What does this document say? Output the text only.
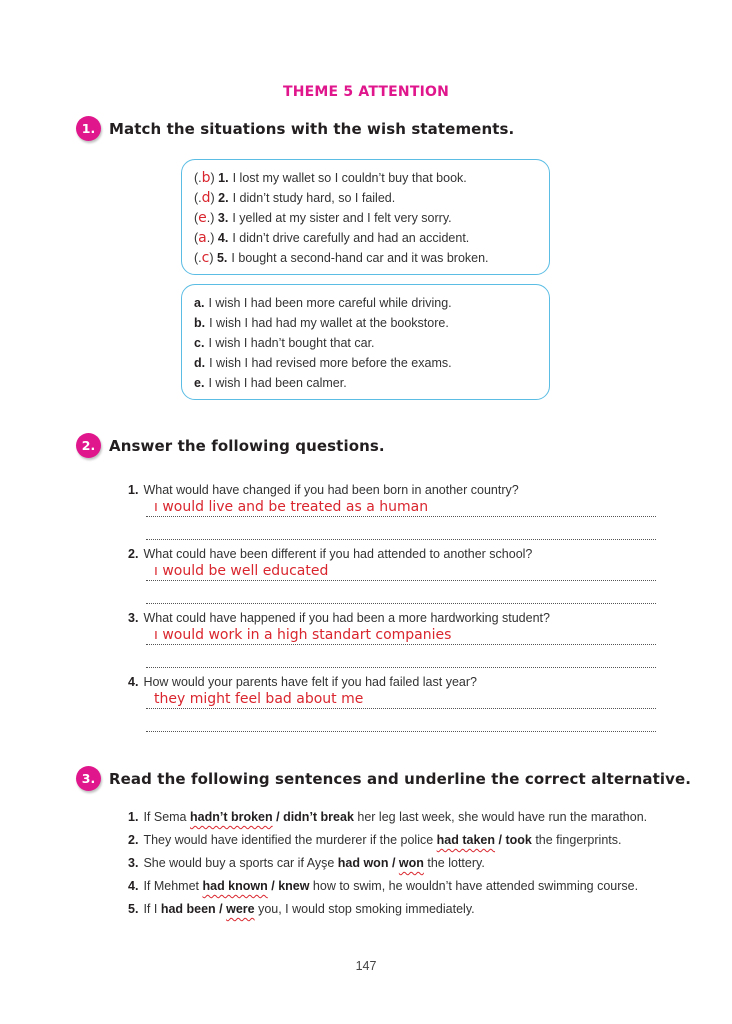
THEME 5 ATTENTION
1. Match the situations with the wish statements.
(.b) 1. I lost my wallet so I couldn’t buy that book.
(.d) 2. I didn’t study hard, so I failed.
(e.) 3. I yelled at my sister and I felt very sorry.
(a.) 4. I didn’t drive carefully and had an accident.
(.c) 5. I bought a second-hand car and it was broken.
a. I wish I had been more careful while driving.
b. I wish I had had my wallet at the bookstore.
c. I wish I hadn’t bought that car.
d. I wish I had revised more before the exams.
e. I wish I had been calmer.
2. Answer the following questions.
1. What would have changed if you had been born in another country?
ı would live and be treated as a human
2. What could have been different if you had attended to another school?
ı would be well educated
3. What could have happened if you had been a more hardworking student?
ı would work in a high standart companies
4. How would your parents have felt if you had failed last year?
they might feel bad about me
3. Read the following sentences and underline the correct alternative.
1. If Sema hadn’t broken / didn’t break her leg last week, she would have run the marathon.
2. They would have identified the murderer if the police had taken / took the fingerprints.
3. She would buy a sports car if Ayşe had won / won the lottery.
4. If Mehmet had known / knew how to swim, he wouldn’t have attended swimming course.
5. If I had been / were you, I would stop smoking immediately.
147
